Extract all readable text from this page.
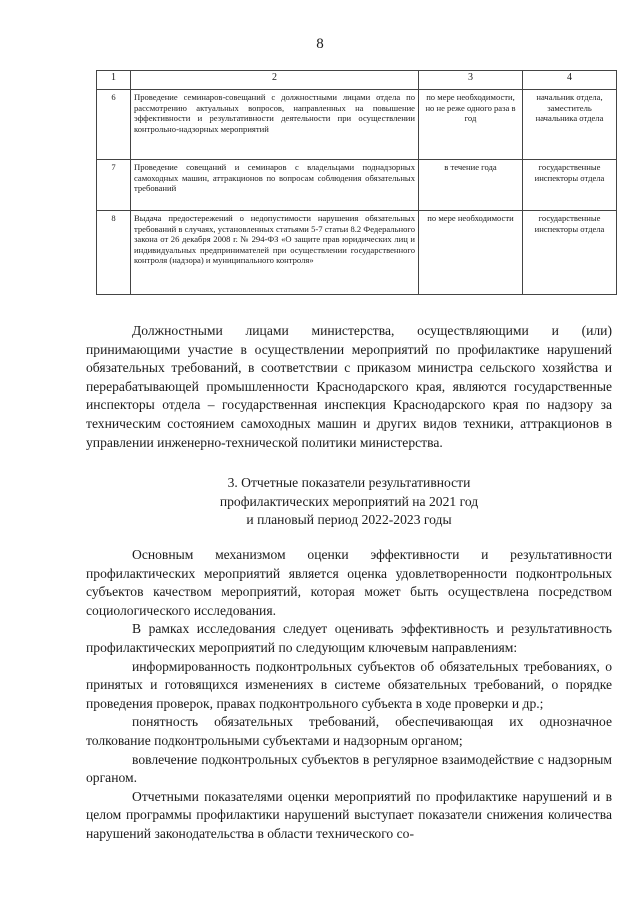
8
1	2	3	4
6	Проведение семинаров-совещаний с должностными лицами отдела по рассмотрению актуальных вопросов, направленных на повышение эффективности и результативности деятельности при осуществлении контрольно-надзорных мероприятий	по мере необходимости, но не реже одного раза в год	начальник отдела, заместитель начальника отдела
7	Проведение совещаний и семинаров с владельцами поднадзорных самоходных машин, аттракционов по вопросам соблюдения обязательных требований	в течение года	государственные инспекторы отдела
8	Выдача предостережений о недопустимости нарушения обязательных требований в случаях, установленных статьями 5-7 статьи 8.2 Федерального закона от 26 декабря 2008 г. № 294-ФЗ «О защите прав юридических лиц и индивидуальных предпринимателей при осуществлении государственного контроля (надзора) и муниципального контроля»	по мере необходимости	государственные инспекторы отдела

Должностными лицами министерства, осуществляющими и (или) принимающими участие в осуществлении мероприятий по профилактике нарушений обязательных требований, в соответствии с приказом министра сельского хозяйства и перерабатывающей промышленности Краснодарского края, являются государственные инспекторы отдела – государственная инспекция Краснодарского края по надзору за техническим состоянием самоходных машин и других видов техники, аттракционов в управлении инженерно-технической политики министерства.

3. Отчетные показатели результативности
профилактических мероприятий на 2021 год
и плановый период 2022-2023 годы

Основным механизмом оценки эффективности и результативности профилактических мероприятий является оценка удовлетворенности подконтрольных субъектов качеством мероприятий, которая может быть осуществлена посредством социологического исследования.

В рамках исследования следует оценивать эффективность и результативность профилактических мероприятий по следующим ключевым направлениям:

информированность подконтрольных субъектов об обязательных требованиях, о принятых и готовящихся изменениях в системе обязательных требований, о порядке проведения проверок, правах подконтрольного субъекта в ходе проверки и др.;

понятность обязательных требований, обеспечивающая их однозначное толкование подконтрольными субъектами и надзорным органом;

вовлечение подконтрольных субъектов в регулярное взаимодействие с надзорным органом.

Отчетными показателями оценки мероприятий по профилактике нарушений и в целом программы профилактики нарушений выступает показатели снижения количества нарушений законодательства в области технического со-
